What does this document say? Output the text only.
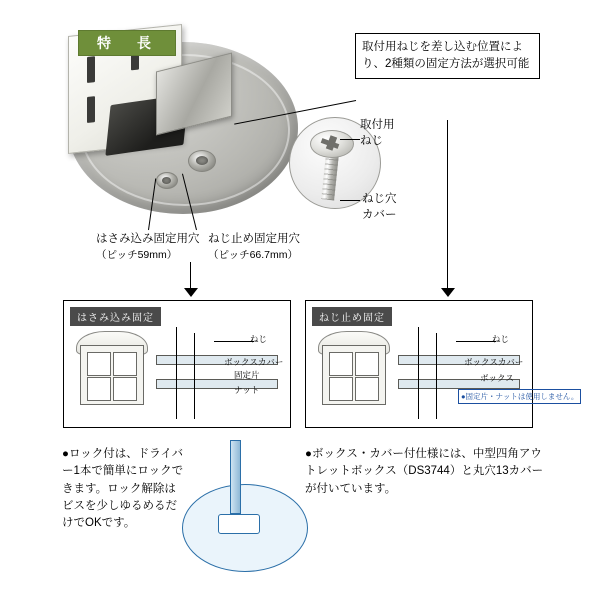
特　長	取付用ねじを差し込む位置により、2種類の固定方法が選択可能
取付用
ねじ
ねじ穴
カバー
はさみ込み固定用穴
（ピッチ59mm）
ねじ止め固定用穴
（ピッチ66.7mm）
はさみ込み固定
ねじ
ボックスカバー
固定片
ナット
ねじ止め固定
ねじ
ボックスカバー
ボックス
●固定片・ナットは使用しません。
●ロック付は、ドライバー1本で簡単にロックできます。ロック解除はビスを少しゆるめるだけでOKです。
●ボックス・カバー付仕様には、中型四角アウトレットボックス（DS3744）と丸穴13カバーが付いています。
